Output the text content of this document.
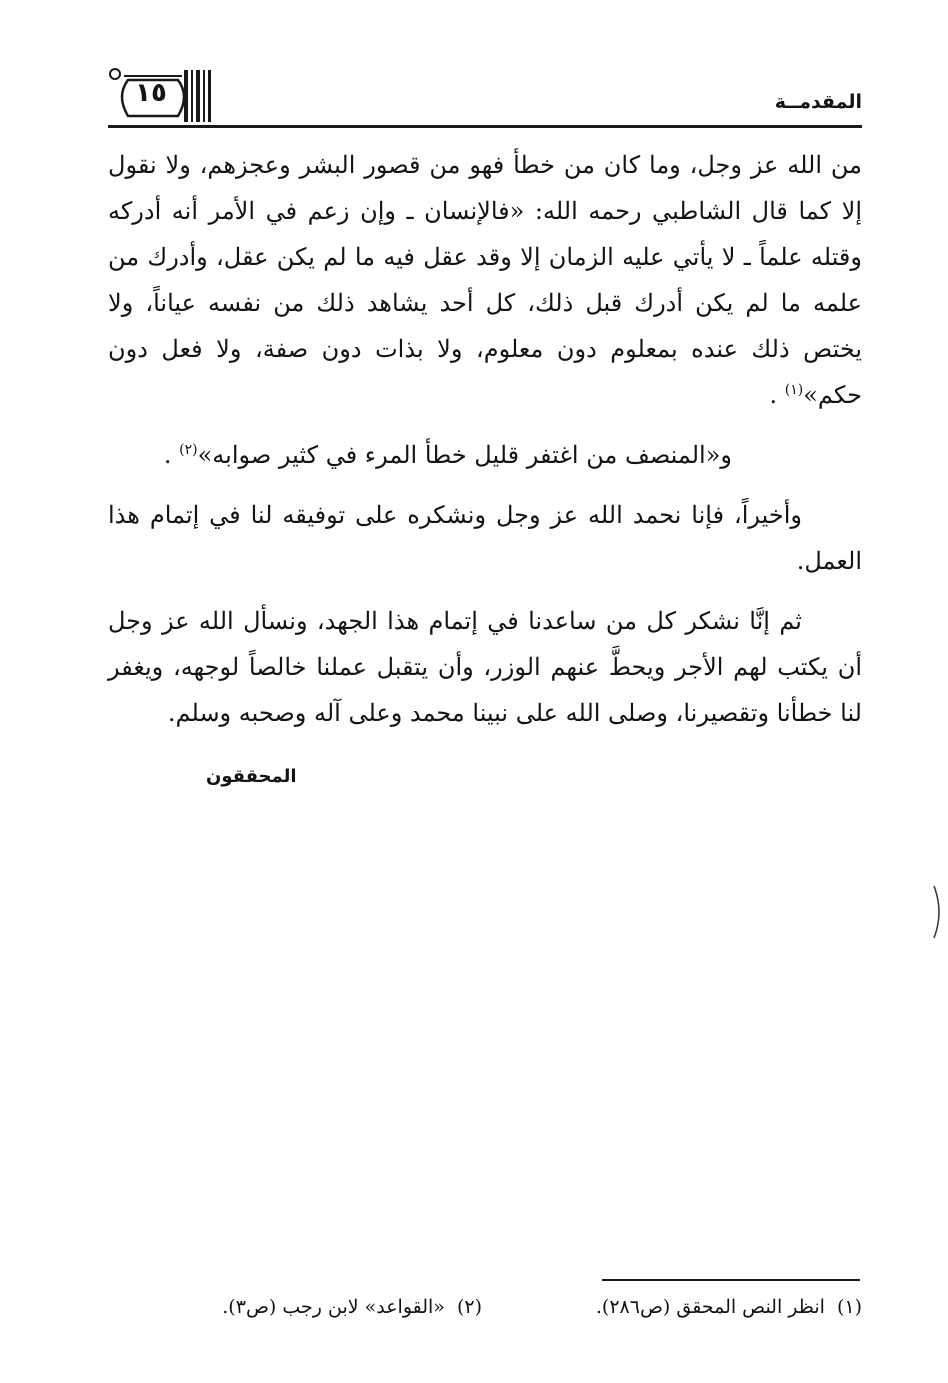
١٥	المقدمــة

من الله عز وجل، وما كان من خطأ فهو من قصور البشر وعجزهم، ولا نقول إلا كما قال الشاطبي رحمه الله: «فالإنسان ـ وإن زعم في الأمر أنه أدركه وقتله علماً ـ لا يأتي عليه الزمان إلا وقد عقل فيه ما لم يكن عقل، وأدرك من علمه ما لم يكن أدرك قبل ذلك، كل أحد يشاهد ذلك من نفسه عياناً، ولا يختص ذلك عنده بمعلوم دون معلوم، ولا بذات دون صفة، ولا فعل دون حكم»$^{(١)}$ .

و«المنصف من اغتفر قليل خطأ المرء في كثير صوابه»$^{(٢)}$ .

وأخيراً، فإنا نحمد الله عز وجل ونشكره على توفيقه لنا في إتمام هذا العمل.

ثم إنَّا نشكر كل من ساعدنا في إتمام هذا الجهد، ونسأل الله عز وجل أن يكتب لهم الأجر ويحطَّ عنهم الوزر، وأن يتقبل عملنا خالصاً لوجهه، ويغفر لنا خطأنا وتقصيرنا، وصلى الله على نبينا محمد وعلى آله وصحبه وسلم.

المحققون
(١)انظر النص المحقق (ص٢٨٦).
(٢)«القواعد» لابن رجب (ص٣).
